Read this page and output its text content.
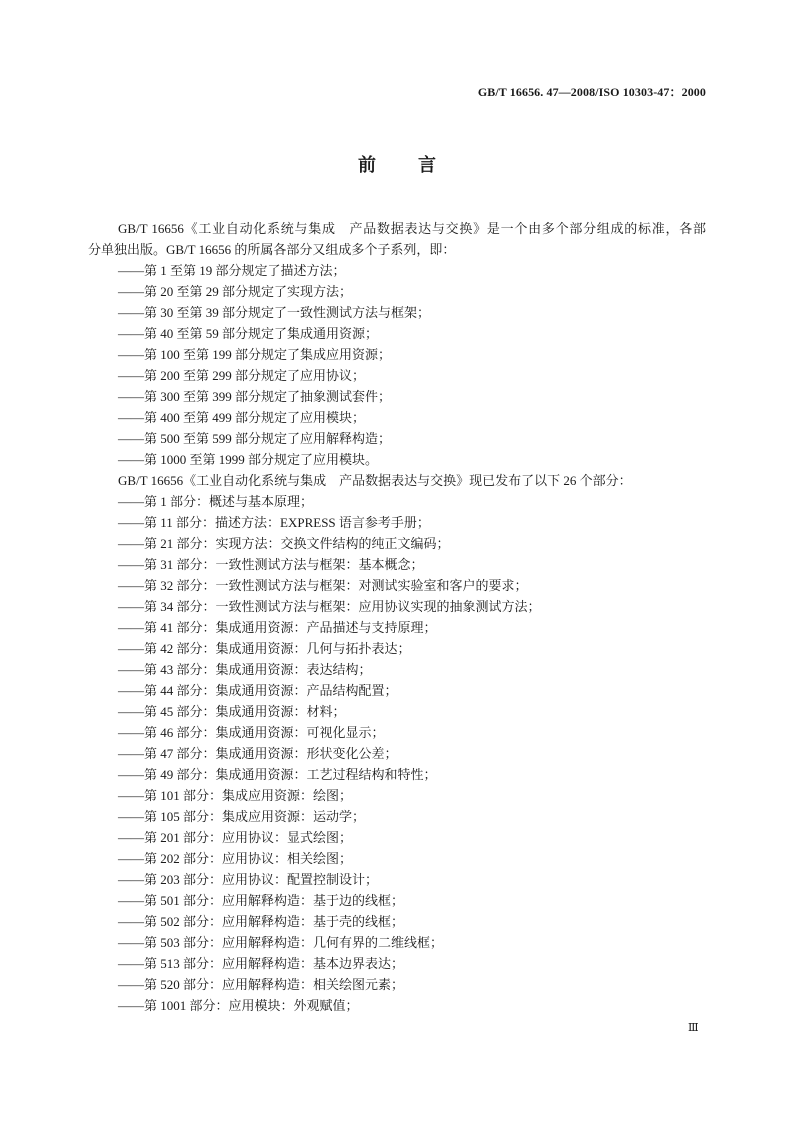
GB/T 16656. 47—2008/ISO 10303-47：2000
前　言
GB/T 16656《工业自动化系统与集成　产品数据表达与交换》是一个由多个部分组成的标准，各部
分单独出版。GB/T 16656 的所属各部分又组成多个子系列，即：
——第 1 至第 19 部分规定了描述方法；
——第 20 至第 29 部分规定了实现方法；
——第 30 至第 39 部分规定了一致性测试方法与框架；
——第 40 至第 59 部分规定了集成通用资源；
——第 100 至第 199 部分规定了集成应用资源；
——第 200 至第 299 部分规定了应用协议；
——第 300 至第 399 部分规定了抽象测试套件；
——第 400 至第 499 部分规定了应用模块；
——第 500 至第 599 部分规定了应用解释构造；
——第 1000 至第 1999 部分规定了应用模块。
GB/T 16656《工业自动化系统与集成　产品数据表达与交换》现已发布了以下 26 个部分：
——第 1 部分：概述与基本原理；
——第 11 部分：描述方法：EXPRESS 语言参考手册；
——第 21 部分：实现方法：交换文件结构的纯正文编码；
——第 31 部分：一致性测试方法与框架：基本概念；
——第 32 部分：一致性测试方法与框架：对测试实验室和客户的要求；
——第 34 部分：一致性测试方法与框架：应用协议实现的抽象测试方法；
——第 41 部分：集成通用资源：产品描述与支持原理；
——第 42 部分：集成通用资源：几何与拓扑表达；
——第 43 部分：集成通用资源：表达结构；
——第 44 部分：集成通用资源：产品结构配置；
——第 45 部分：集成通用资源：材料；
——第 46 部分：集成通用资源：可视化显示；
——第 47 部分：集成通用资源：形状变化公差；
——第 49 部分：集成通用资源：工艺过程结构和特性；
——第 101 部分：集成应用资源：绘图；
——第 105 部分：集成应用资源：运动学；
——第 201 部分：应用协议：显式绘图；
——第 202 部分：应用协议：相关绘图；
——第 203 部分：应用协议：配置控制设计；
——第 501 部分：应用解释构造：基于边的线框；
——第 502 部分：应用解释构造：基于壳的线框；
——第 503 部分：应用解释构造：几何有界的二维线框；
——第 513 部分：应用解释构造：基本边界表达；
——第 520 部分：应用解释构造：相关绘图元素；
——第 1001 部分：应用模块：外观赋值；
Ⅲ
